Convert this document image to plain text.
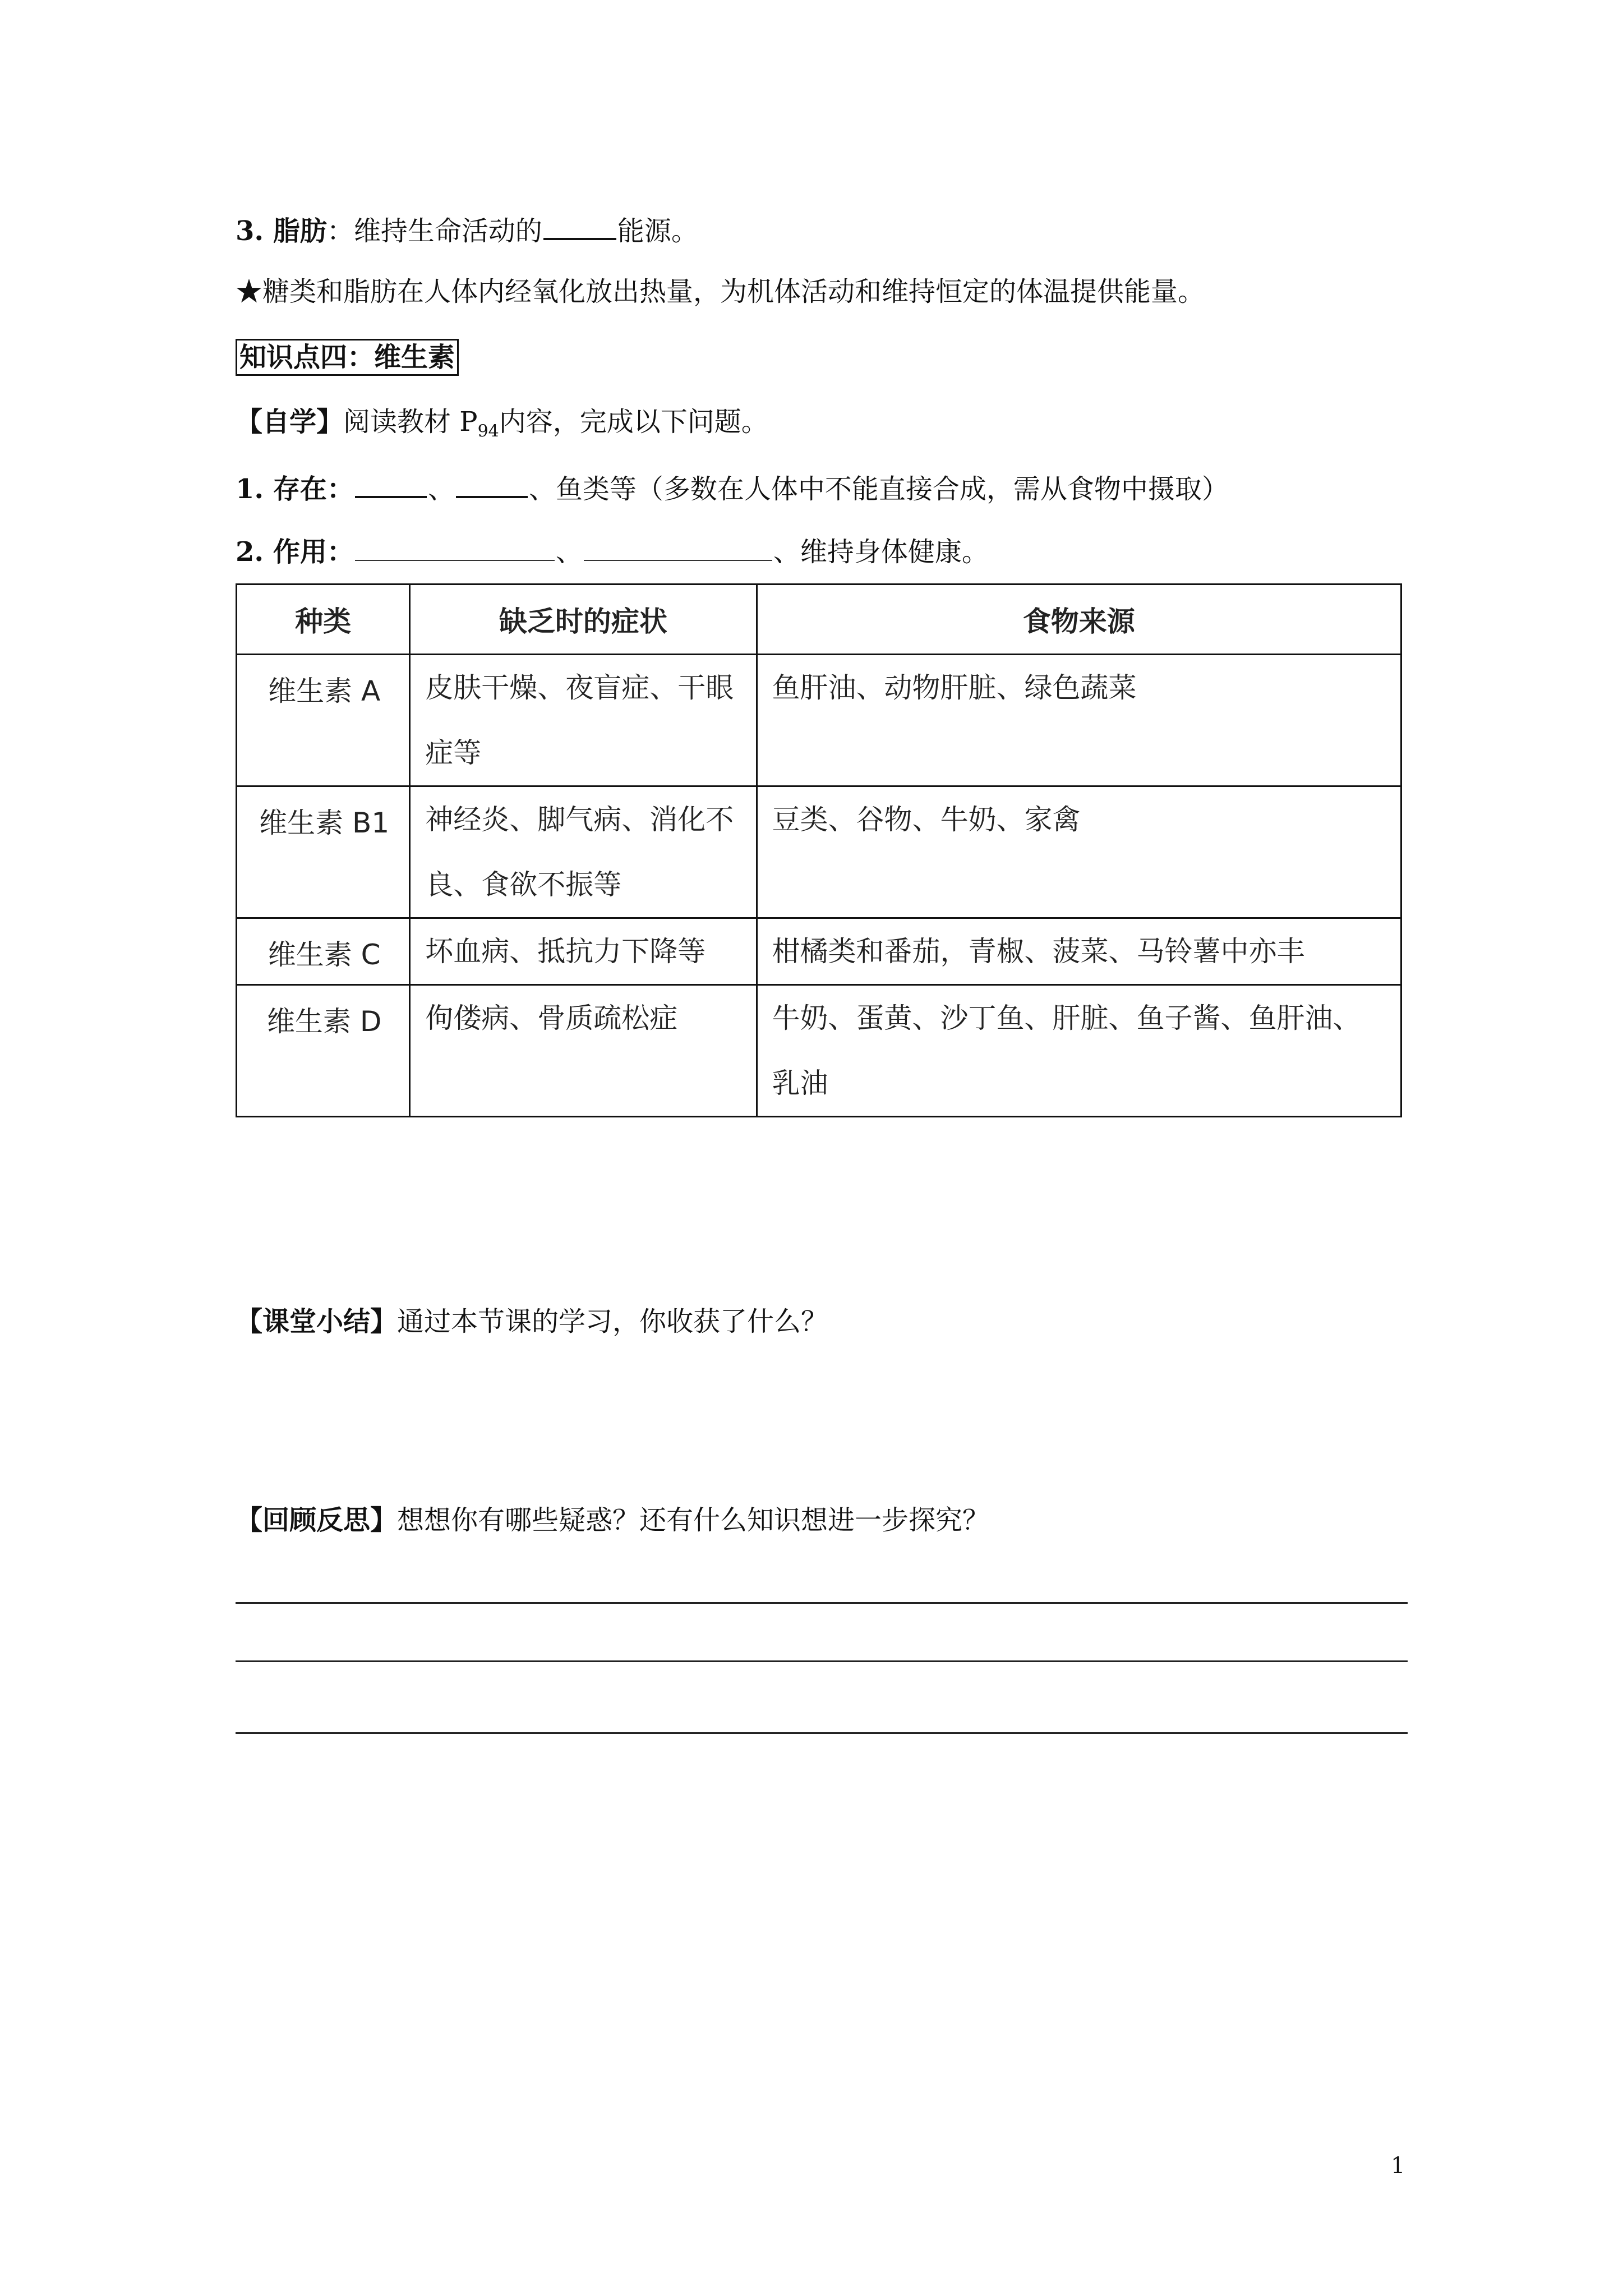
3. 脂肪：维持生命活动的	能源。
★糖类和脂肪在人体内经氧化放出热量，为机体活动和维持恒定的体温提供能量。
知识点四：维生素
【自学】阅读教材 $P_{94}$内容，完成以下问题。
1. 存在：	、	、鱼类等（多数在人体中不能直接合成，需从食物中摄取）
2. 作用：	、	、维持身体健康。
种类	缺乏时的症状	食物来源
维生素 A	皮肤干燥、夜盲症、干眼症等	鱼肝油、动物肝脏、绿色蔬菜
维生素 B1	神经炎、脚气病、消化不良、食欲不振等	豆类、谷物、牛奶、家禽
维生素 C	坏血病、抵抗力下降等	柑橘类和番茄，青椒、菠菜、马铃薯中亦丰
维生素 D	佝偻病、骨质疏松症	牛奶、蛋黄、沙丁鱼、肝脏、鱼子酱、鱼肝油、乳油
【课堂小结】通过本节课的学习，你收获了什么？
【回顾反思】想想你有哪些疑惑？还有什么知识想进一步探究？
1
